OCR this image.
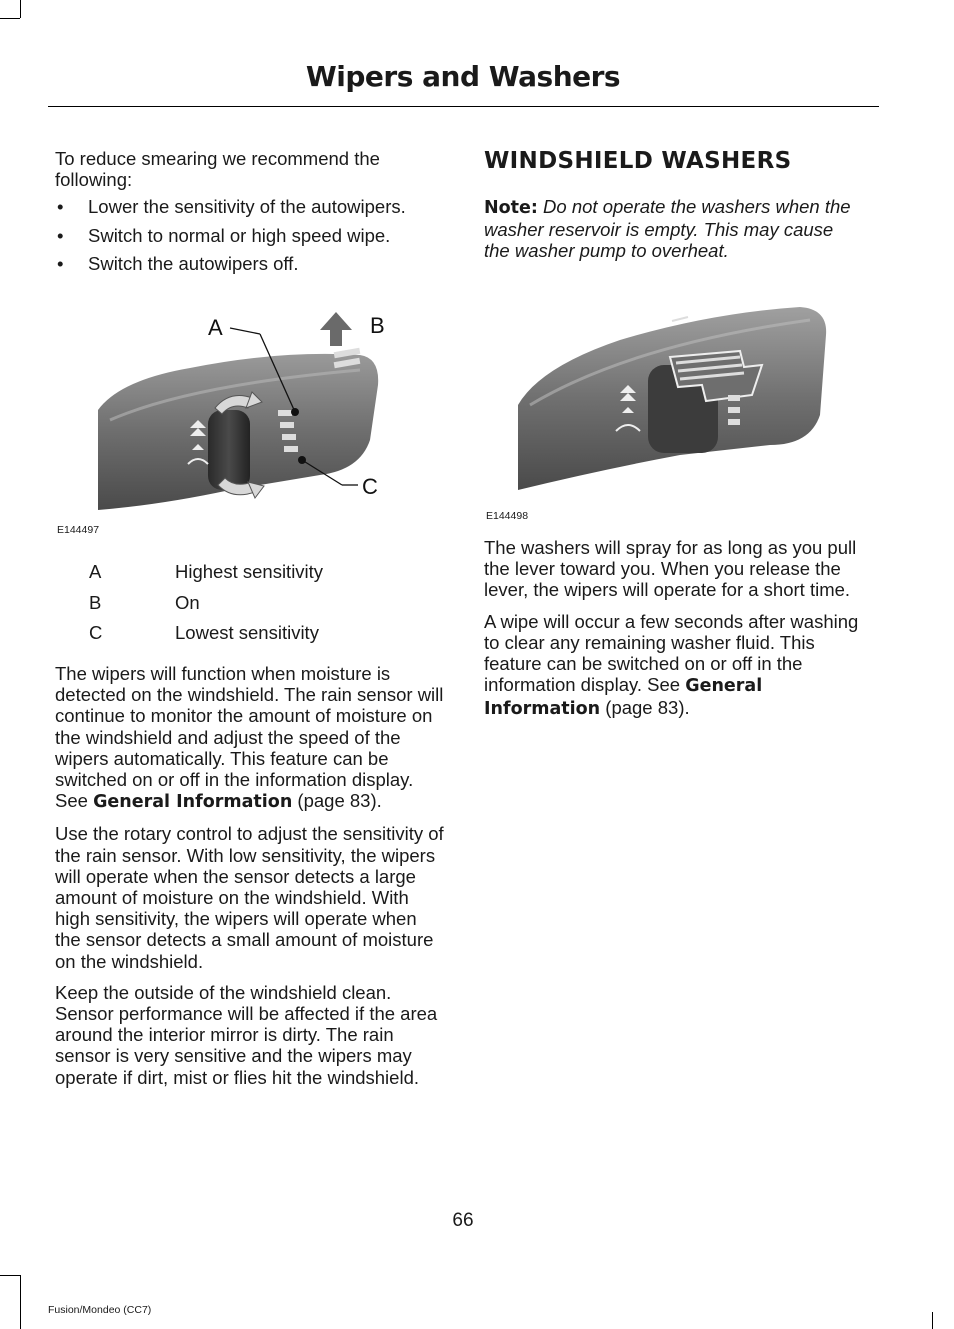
Wipers and Washers

To reduce smearing we recommend the following:

• Lower the sensitivity of the autowipers.
• Switch to normal or high speed wipe.
• Switch the autowipers off.
A	B
C
E144497
A	Highest sensitivity
B	On
C	Lowest sensitivity

The wipers will function when moisture is detected on the windshield. The rain sensor will continue to monitor the amount of moisture on the windshield and adjust the speed of the wipers automatically. This feature can be switched on or off in the information display. See General Information (page 83).

Use the rotary control to adjust the sensitivity of the rain sensor. With low sensitivity, the wipers will operate when the sensor detects a large amount of moisture on the windshield. With high sensitivity, the wipers will operate when the sensor detects a small amount of moisture on the windshield.

Keep the outside of the windshield clean. Sensor performance will be affected if the area around the interior mirror is dirty. The rain sensor is very sensitive and the wipers may operate if dirt, mist or flies hit the windshield.

WINDSHIELD WASHERS

Note: Do not operate the washers when the washer reservoir is empty. This may cause the washer pump to overheat.

E144498

The washers will spray for as long as you pull the lever toward you. When you release the lever, the wipers will operate for a short time.

A wipe will occur a few seconds after washing to clear any remaining washer fluid. This feature can be switched on or off in the information display. See General Information (page 83).

66
Fusion/Mondeo (CC7)
